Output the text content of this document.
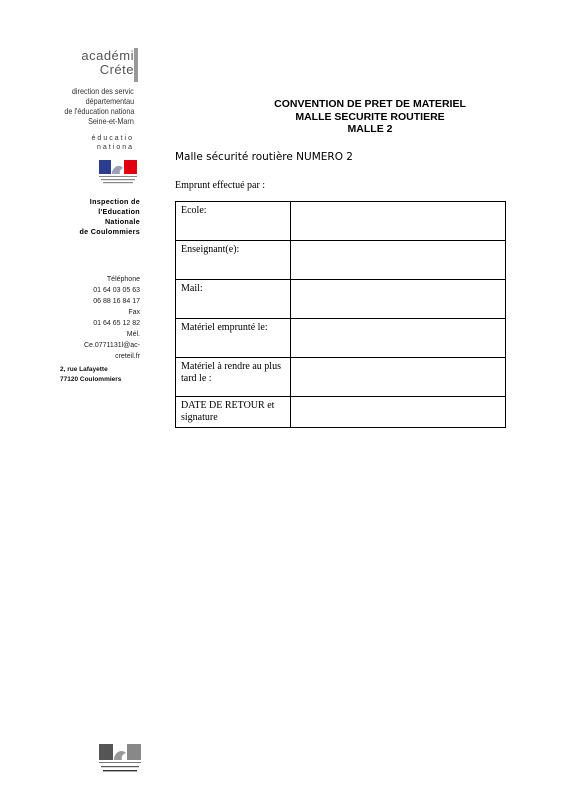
académi
Créte
direction des servic
départementau
de l'éducation nationa
Seine-et-Marn
éducatio
nationa
Inspection de
l'Education
Nationale
de Coulommiers
Téléphone
01 64 03 05 63
06 88 16 84 17
Fax
01 64 65 12 82
Mél.
Ce.0771131l@ac-
creteil.fr
2, rue Lafayette
77120 Coulommiers
CONVENTION DE PRET DE MATERIEL
MALLE SECURITE ROUTIERE
MALLE 2
Malle sécurité routière NUMERO 2
Emprunt effectué par :
Ecole:	
Enseignant(e):	
Mail:	
Matériel emprunté le:	
Matériel à rendre au plus tard le :	
DATE DE RETOUR et signature	
